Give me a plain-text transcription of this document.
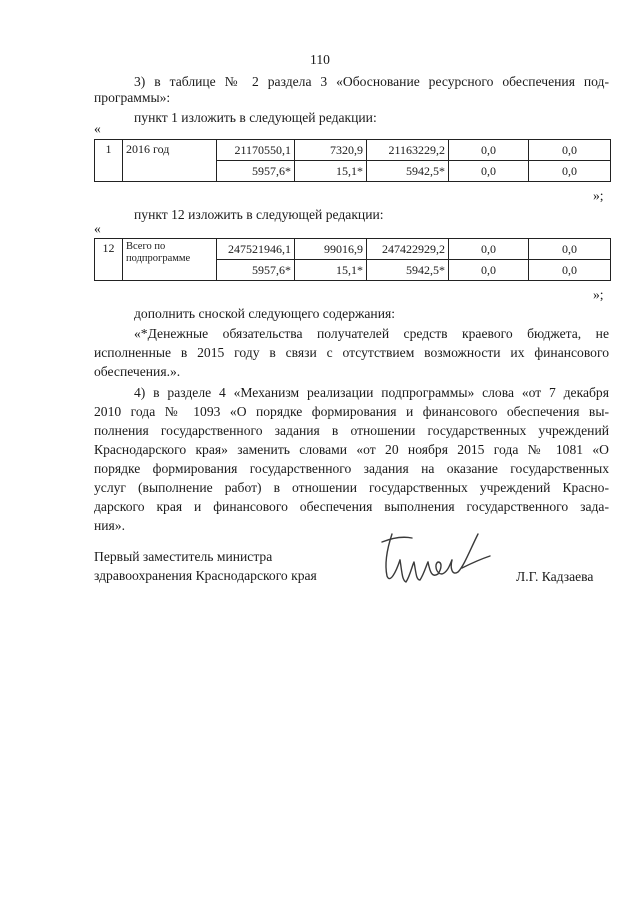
110
3) в таблице № 2 раздела 3 «Обоснование ресурсного обеспечения под-
программы»:
пункт 1 изложить в следующей редакции:
«
1	2016 год	21170550,1	7320,9	21163229,2	0,0	0,0
		5957,6*	15,1*	5942,5*	0,0	0,0
»;
пункт 12 изложить в следующей редакции:
«
12	Всего по подпрограмме	247521946,1	99016,9	247422929,2	0,0	0,0
		5957,6*	15,1*	5942,5*	0,0	0,0
»;
дополнить сноской следующего содержания:
«*Денежные обязательства получателей средств краевого бюджета, не
исполненные в 2015 году в связи с отсутствием возможности их финансового
обеспечения.».
4) в разделе 4 «Механизм реализации подпрограммы» слова «от 7 декабря
2010 года № 1093 «О порядке формирования и финансового обеспечения вы-
полнения государственного задания в отношении государственных учреждений
Краснодарского края» заменить словами «от 20 ноября 2015 года № 1081 «О
порядке формирования государственного задания на оказание государственных
услуг (выполнение работ) в отношении государственных учреждений Красно-
дарского края и финансового обеспечения выполнения государственного зада-
ния».
Первый заместитель министра
здравоохранения Краснодарского края	Л.Г. Кадзаева
